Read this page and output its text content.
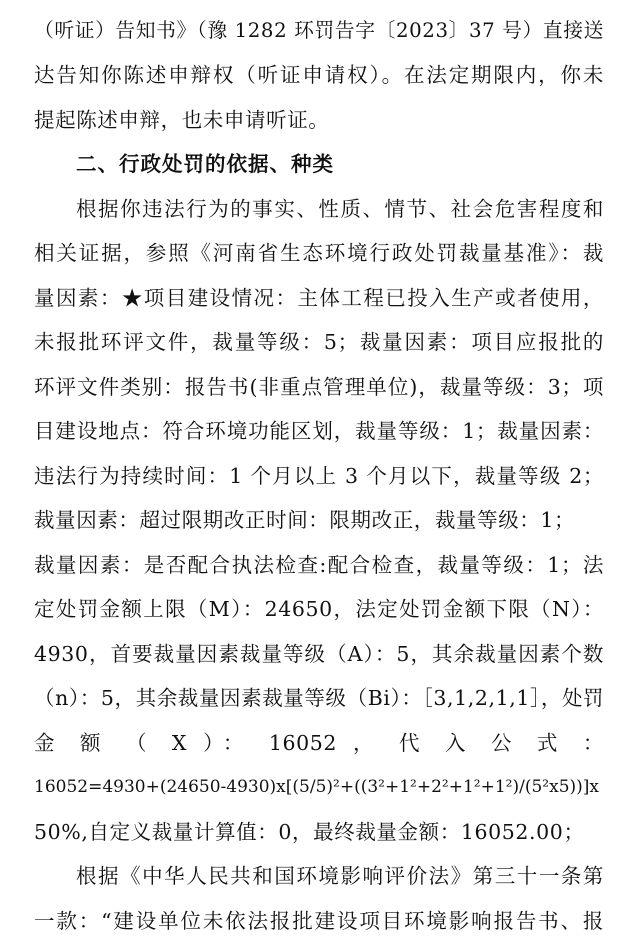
（听证）告知书》（豫 1282 环罚告字〔2023〕37 号）直接送
达告知你陈述申辩权（听证申请权）。在法定期限内，你未
提起陈述申辩，也未申请听证。
二、行政处罚的依据、种类
根据你违法行为的事实、性质、情节、社会危害程度和
相关证据，参照《河南省生态环境行政处罚裁量基准》：裁
量因素：★项目建设情况：主体工程已投入生产或者使用，
未报批环评文件，裁量等级：5；裁量因素：项目应报批的
环评文件类别：报告书(非重点管理单位)，裁量等级：3；项
目建设地点：符合环境功能区划，裁量等级：1；裁量因素：
违法行为持续时间：1 个月以上 3 个月以下，裁量等级 2；
裁量因素：超过限期改正时间：限期改正，裁量等级：1；
裁量因素：是否配合执法检查:配合检查，裁量等级：1；法
定处罚金额上限（M）：24650，法定处罚金额下限（N）：
4930，首要裁量因素裁量等级（A）：5，其余裁量因素个数
（n）：5，其余裁量因素裁量等级（Bi）：［3,1,2,1,1］，处罚
金 额 （ X ）： 16052 ， 代 入 公 式 ：
16052=4930+(24650-4930)x[(5/5)²+((3²+1²+2²+1²+1²)/(5²x5))]x
50%,自定义裁量计算值：0，最终裁量金额：16052.00；
根据《中华人民共和国环境影响评价法》第三十一条第
一款：“建设单位未依法报批建设项目环境影响报告书、报
